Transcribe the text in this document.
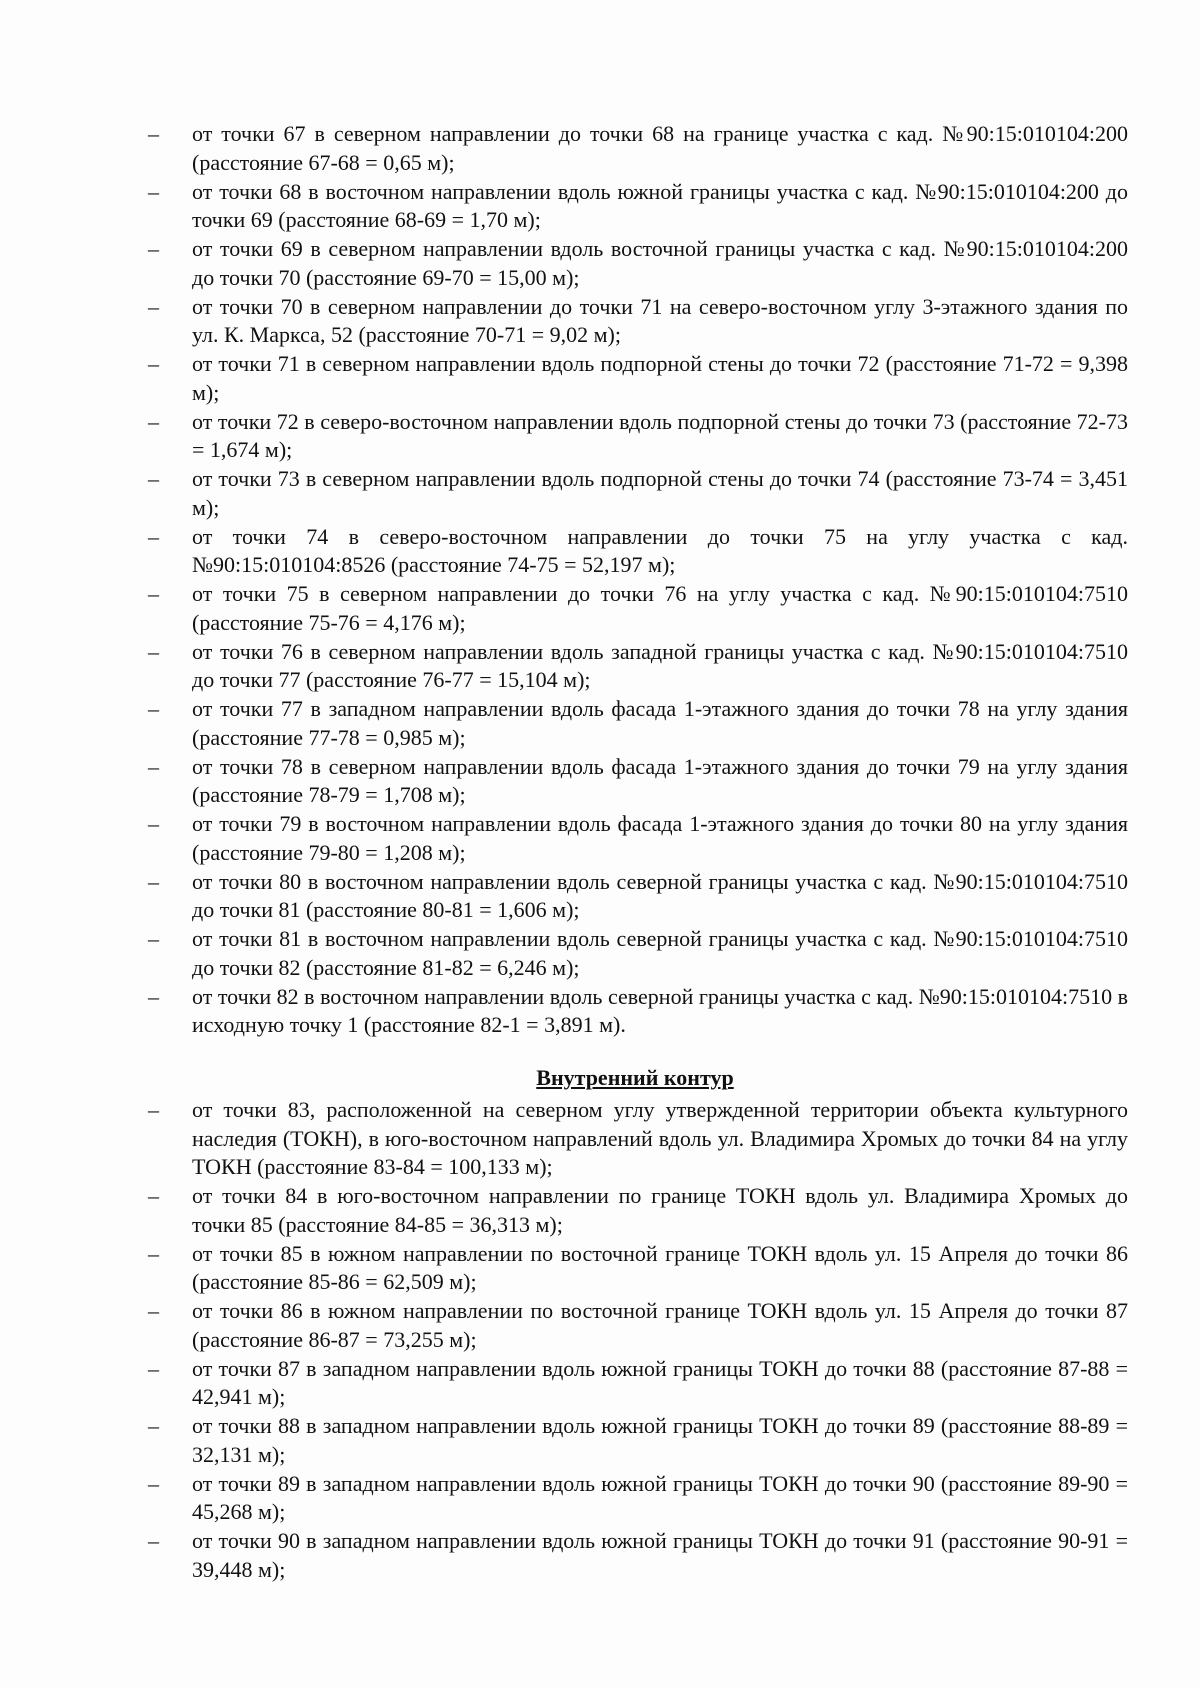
–	от точки 67 в северном направлении до точки 68 на границе участка с кад. №90:15:010104:200 (расстояние 67-68 = 0,65 м);
–	от точки 68 в восточном направлении вдоль южной границы участка с кад. №90:15:010104:200 до точки 69 (расстояние 68-69 = 1,70 м);
–	от точки 69 в северном направлении вдоль восточной границы участка с кад. №90:15:010104:200 до точки 70 (расстояние 69-70 = 15,00 м);
–	от точки 70 в северном направлении до точки 71 на северо-восточном углу 3-этажного здания по ул. К. Маркса, 52 (расстояние 70-71 = 9,02 м);
–	от точки 71 в северном направлении вдоль подпорной стены до точки 72 (расстояние 71-72 = 9,398 м);
–	от точки 72 в северо-восточном направлении вдоль подпорной стены до точки 73 (расстояние 72-73 = 1,674 м);
–	от точки 73 в северном направлении вдоль подпорной стены до точки 74 (расстояние 73-74 = 3,451 м);
–	от точки 74 в северо-восточном направлении до точки 75 на углу участка с кад. №90:15:010104:8526 (расстояние 74-75 = 52,197 м);
–	от точки 75 в северном направлении до точки 76 на углу участка с кад. №90:15:010104:7510 (расстояние 75-76 = 4,176 м);
–	от точки 76 в северном направлении вдоль западной границы участка с кад. №90:15:010104:7510 до точки 77 (расстояние 76-77 = 15,104 м);
–	от точки 77 в западном направлении вдоль фасада 1-этажного здания до точки 78 на углу здания (расстояние 77-78 = 0,985 м);
–	от точки 78 в северном направлении вдоль фасада 1-этажного здания до точки 79 на углу здания (расстояние 78-79 = 1,708 м);
–	от точки 79 в восточном направлении вдоль фасада 1-этажного здания до точки 80 на углу здания (расстояние 79-80 = 1,208 м);
–	от точки 80 в восточном направлении вдоль северной границы участка с кад. №90:15:010104:7510 до точки 81 (расстояние 80-81 = 1,606 м);
–	от точки 81 в восточном направлении вдоль северной границы участка с кад. №90:15:010104:7510 до точки 82 (расстояние 81-82 = 6,246 м);
–	от точки 82 в восточном направлении вдоль северной границы участка с кад. №90:15:010104:7510 в исходную точку 1 (расстояние 82-1 = 3,891 м).
Внутренний контур
–	от точки 83, расположенной на северном углу утвержденной территории объекта культурного наследия (ТОКН), в юго-восточном направлений вдоль ул. Владимира Хромых до точки 84 на углу ТОКН (расстояние 83-84 = 100,133 м);
–	от точки 84 в юго-восточном направлении по границе ТОКН вдоль ул. Владимира Хромых до точки 85 (расстояние 84-85 = 36,313 м);
–	от точки 85 в южном направлении по восточной границе ТОКН вдоль ул. 15 Апреля до точки 86 (расстояние 85-86 = 62,509 м);
–	от точки 86 в южном направлении по восточной границе ТОКН вдоль ул. 15 Апреля до точки 87 (расстояние 86-87 = 73,255 м);
–	от точки 87 в западном направлении вдоль южной границы ТОКН до точки 88 (расстояние 87-88 = 42,941 м);
–	от точки 88 в западном направлении вдоль южной границы ТОКН до точки 89 (расстояние 88-89 = 32,131 м);
–	от точки 89 в западном направлении вдоль южной границы ТОКН до точки 90 (расстояние 89-90 = 45,268 м);
–	от точки 90 в западном направлении вдоль южной границы ТОКН до точки 91 (расстояние 90-91 = 39,448 м);
